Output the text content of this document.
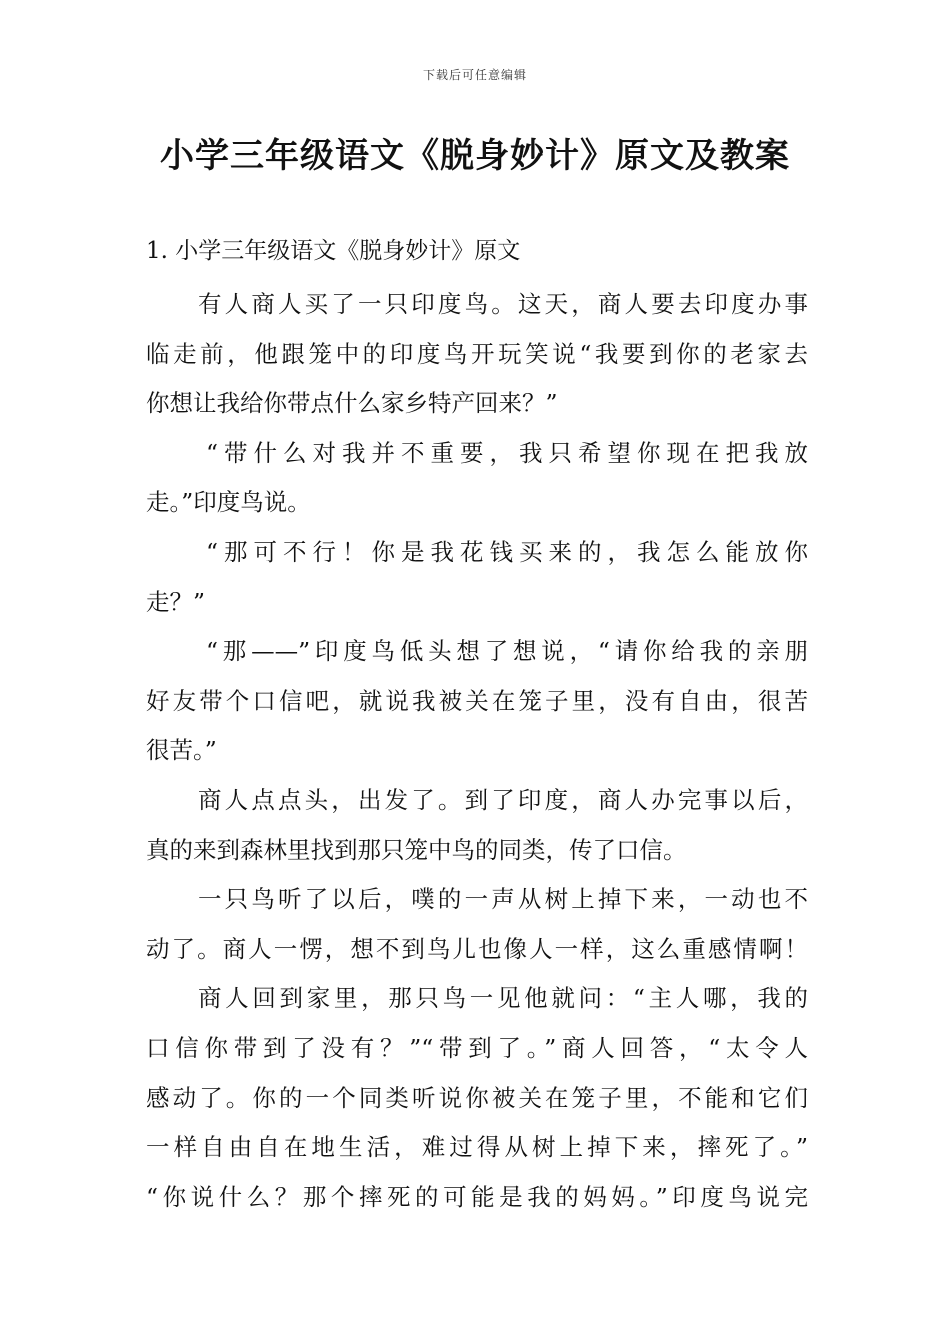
下载后可任意编辑
小学三年级语文《脱身妙计》原文及教案
1. 小学三年级语文《脱身妙计》原文
有人商人买了一只印度鸟。这天，商人要去印度办事
临走前，他跟笼中的印度鸟开玩笑说“我要到你的老家去
你想让我给你带点什么家乡特产回来？”
“带什么对我并不重要，我只希望你现在把我放
走。”印度鸟说。
“那可不行！你是我花钱买来的，我怎么能放你
走？”
“那——”印度鸟低头想了想说，“请你给我的亲朋
好友带个口信吧，就说我被关在笼子里，没有自由，很苦
很苦。”
商人点点头，出发了。到了印度，商人办完事以后，
真的来到森林里找到那只笼中鸟的同类，传了口信。
一只鸟听了以后，噗的一声从树上掉下来，一动也不
动了。商人一愣，想不到鸟儿也像人一样，这么重感情啊！
商人回到家里，那只鸟一见他就问：“主人哪，我的
口信你带到了没有？”“带到了。”商人回答，“太令人
感动了。你的一个同类听说你被关在笼子里，不能和它们
一样自由自在地生活，难过得从树上掉下来，摔死了。”
“你说什么？那个摔死的可能是我的妈妈。”印度鸟说完
